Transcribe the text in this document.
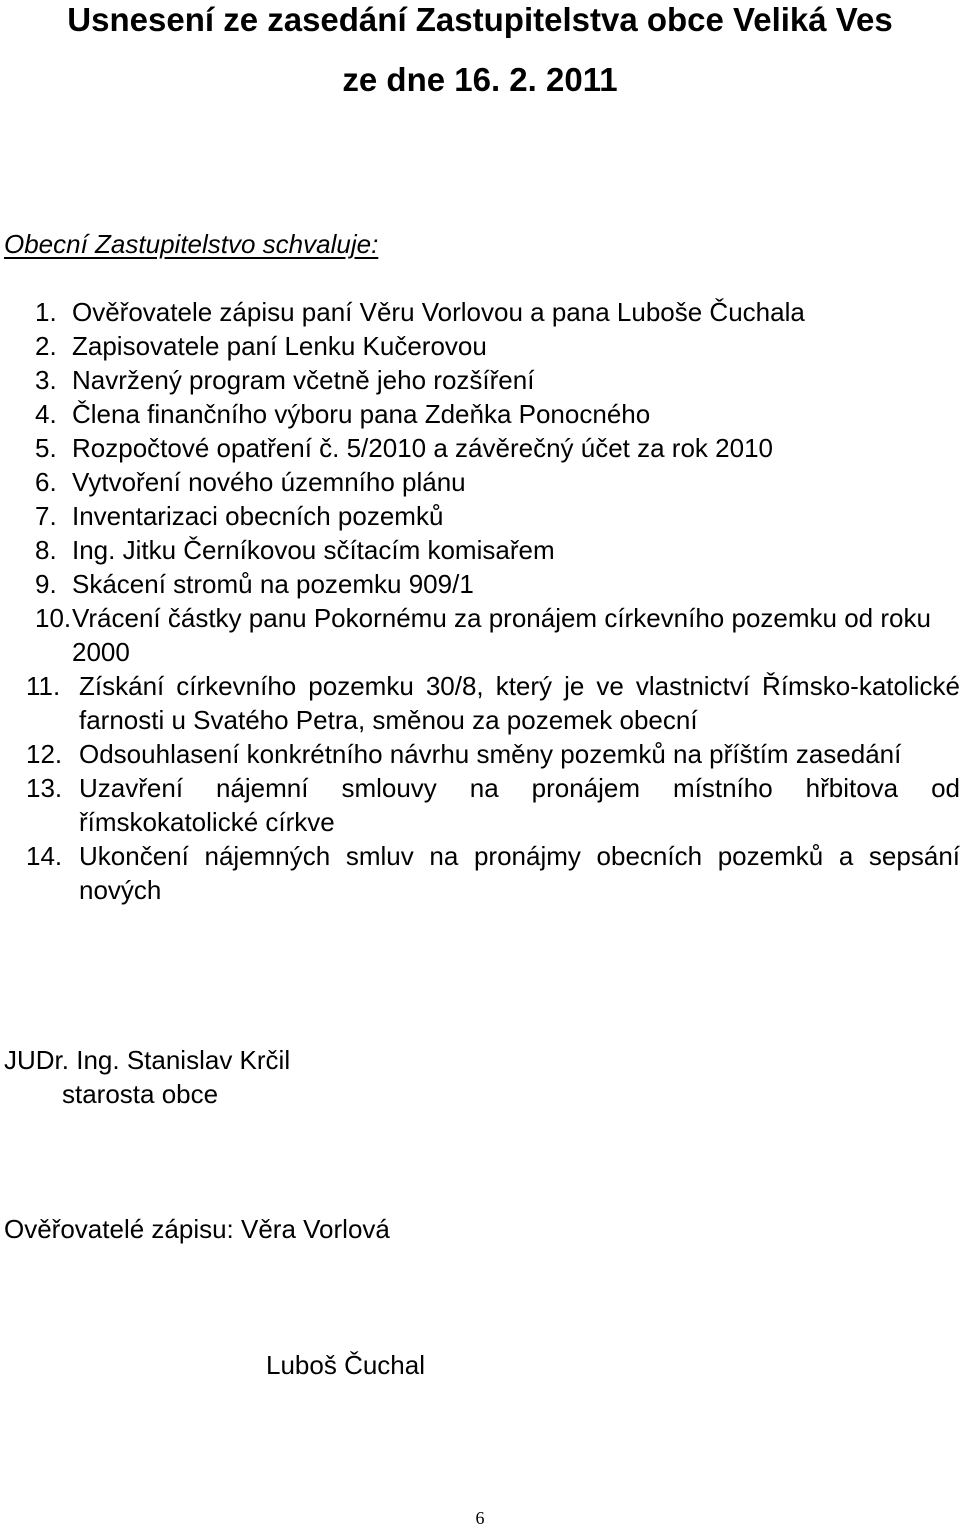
Usnesení ze zasedání Zastupitelstva obce Veliká Ves
ze dne 16. 2. 2011

Obecní Zastupitelstvo schvaluje:

1. Ověřovatele zápisu paní Věru Vorlovou a pana Luboše Čuchala
2. Zapisovatele paní Lenku Kučerovou
3. Navržený program včetně jeho rozšíření
4. Člena finančního výboru pana Zdeňka Ponocného
5. Rozpočtové opatření č. 5/2010 a závěrečný účet za rok 2010
6. Vytvoření nového územního plánu
7. Inventarizaci obecních pozemků
8. Ing. Jitku Černíkovou sčítacím komisařem
9. Skácení stromů na pozemku 909/1
10. Vrácení částky panu Pokornému za pronájem církevního pozemku od roku 2000
11. Získání církevního pozemku 30/8, který je ve vlastnictví Římsko-katolické farnosti u Svatého Petra, směnou za pozemek obecní
12. Odsouhlasení konkrétního návrhu směny pozemků na příštím zasedání
13. Uzavření nájemní smlouvy na pronájem místního hřbitova od římskokatolické církve
14. Ukončení nájemných smluv na pronájmy obecních pozemků a sepsání nových

JUDr. Ing. Stanislav Krčil

starosta obce

Ověřovatelé zápisu: Věra Vorlová

Luboš Čuchal

6
